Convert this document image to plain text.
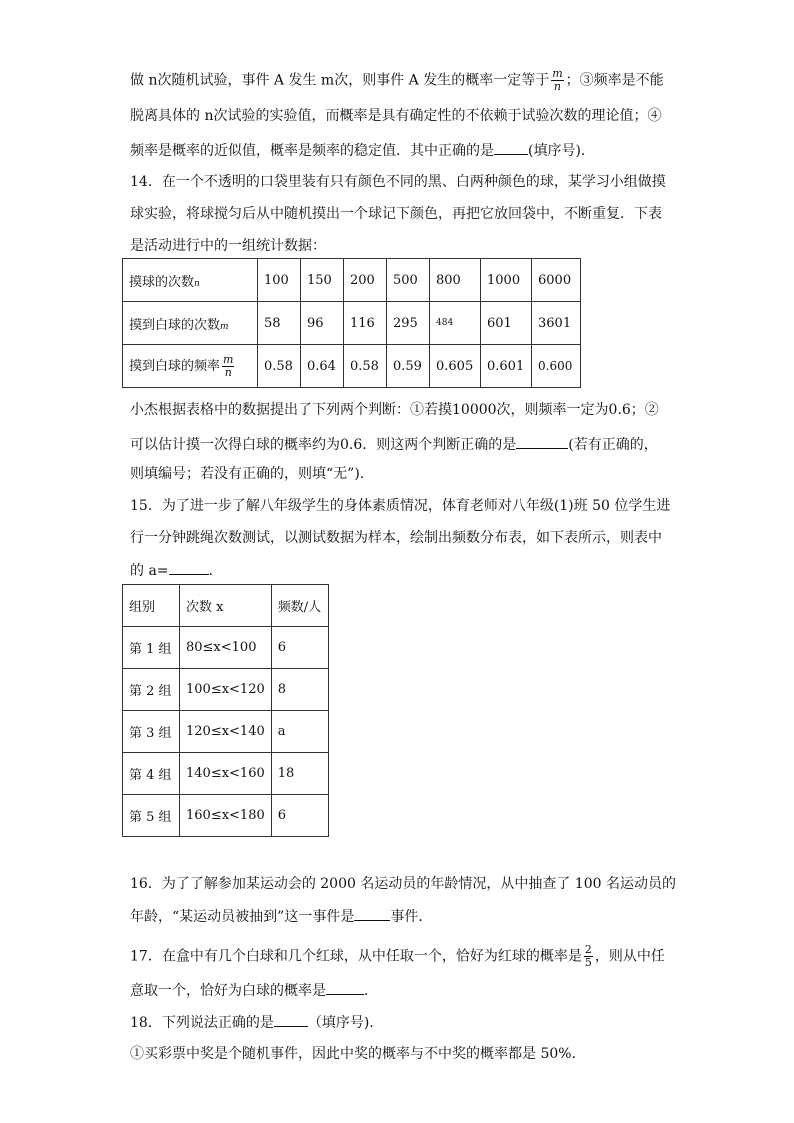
做 n次随机试验，事件 A 发生 m次，则事件 A 发生的概率一定等于 $\frac{m}{n}$ ；③频率是不能
脱离具体的 n次试验的实验值，而概率是具有确定性的不依赖于试验次数的理论值；④
频率是概率的近似值，概率是频率的稳定值．其中正确的是 (填序号).
14．在一个不透明的口袋里装有只有颜色不同的黑、白两种颜色的球，某学习小组做摸
球实验，将球搅匀后从中随机摸出一个球记下颜色，再把它放回袋中，不断重复．下表
是活动进行中的一组统计数据：
摸球的次数n	100	150	200	500	800	1000	6000
摸到白球的次数m	58	96	116	295	484	601	3601
摸到白球的频率 $\frac{m}{n}$	0.58	0.64	0.58	0.59	0.605	0.601	0.600
小杰根据表格中的数据提出了下列两个判断：①若摸10000次，则频率一定为0.6；②
可以估计摸一次得白球的概率约为0.6．则这两个判断正确的是	(若有正确的，
则填编号；若没有正确的，则填“无”).
15．为了进一步了解八年级学生的身体素质情况，体育老师对八年级(1)班 50 位学生进
行一分钟跳绳次数测试，以测试数据为样本，绘制出频数分布表，如下表所示，则表中
的 a=	.
组别	次数 x	频数/人
第 1 组	80≤x<100	6
第 2 组	100≤x<120	8
第 3 组	120≤x<140	a
第 4 组	140≤x<160	18
第 5 组	160≤x<180	6
16．为了了解参加某运动会的 2000 名运动员的年龄情况，从中抽查了 100 名运动员的
年龄，“某运动员被抽到”这一事件是	事件．
17．在盒中有几个白球和几个红球，从中任取一个，恰好为红球的概率是 $\frac{2}{5}$ ，则从中任
意取一个，恰好为白球的概率是	．
18．下列说法正确的是 （填序号).
①买彩票中奖是个随机事件，因此中奖的概率与不中奖的概率都是 50%．
